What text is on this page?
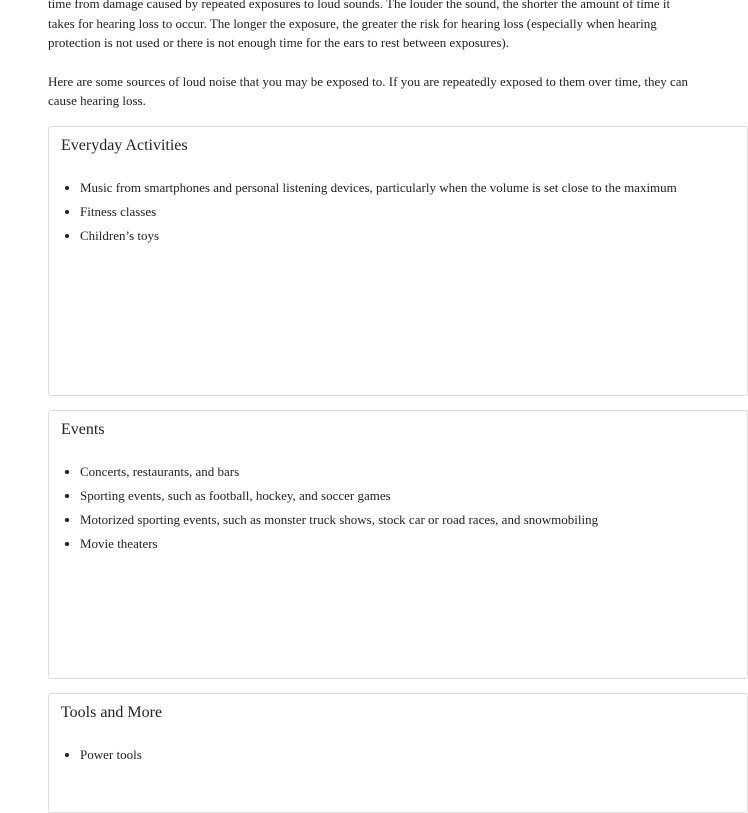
time from damage caused by repeated exposures to loud sounds. The louder the sound, the shorter the amount of time it
takes for hearing loss to occur. The longer the exposure, the greater the risk for hearing loss (especially when hearing
protection is not used or there is not enough time for the ears to rest between exposures).

Here are some sources of loud noise that you may be exposed to. If you are repeatedly exposed to them over time, they can
cause hearing loss.

Everyday Activities
• Music from smartphones and personal listening devices, particularly when the volume is set close to the maximum
• Fitness classes
• Children’s toys
Events
• Concerts, restaurants, and bars
• Sporting events, such as football, hockey, and soccer games
• Motorized sporting events, such as monster truck shows, stock car or road races, and snowmobiling
• Movie theaters
Tools and More
• Power tools
